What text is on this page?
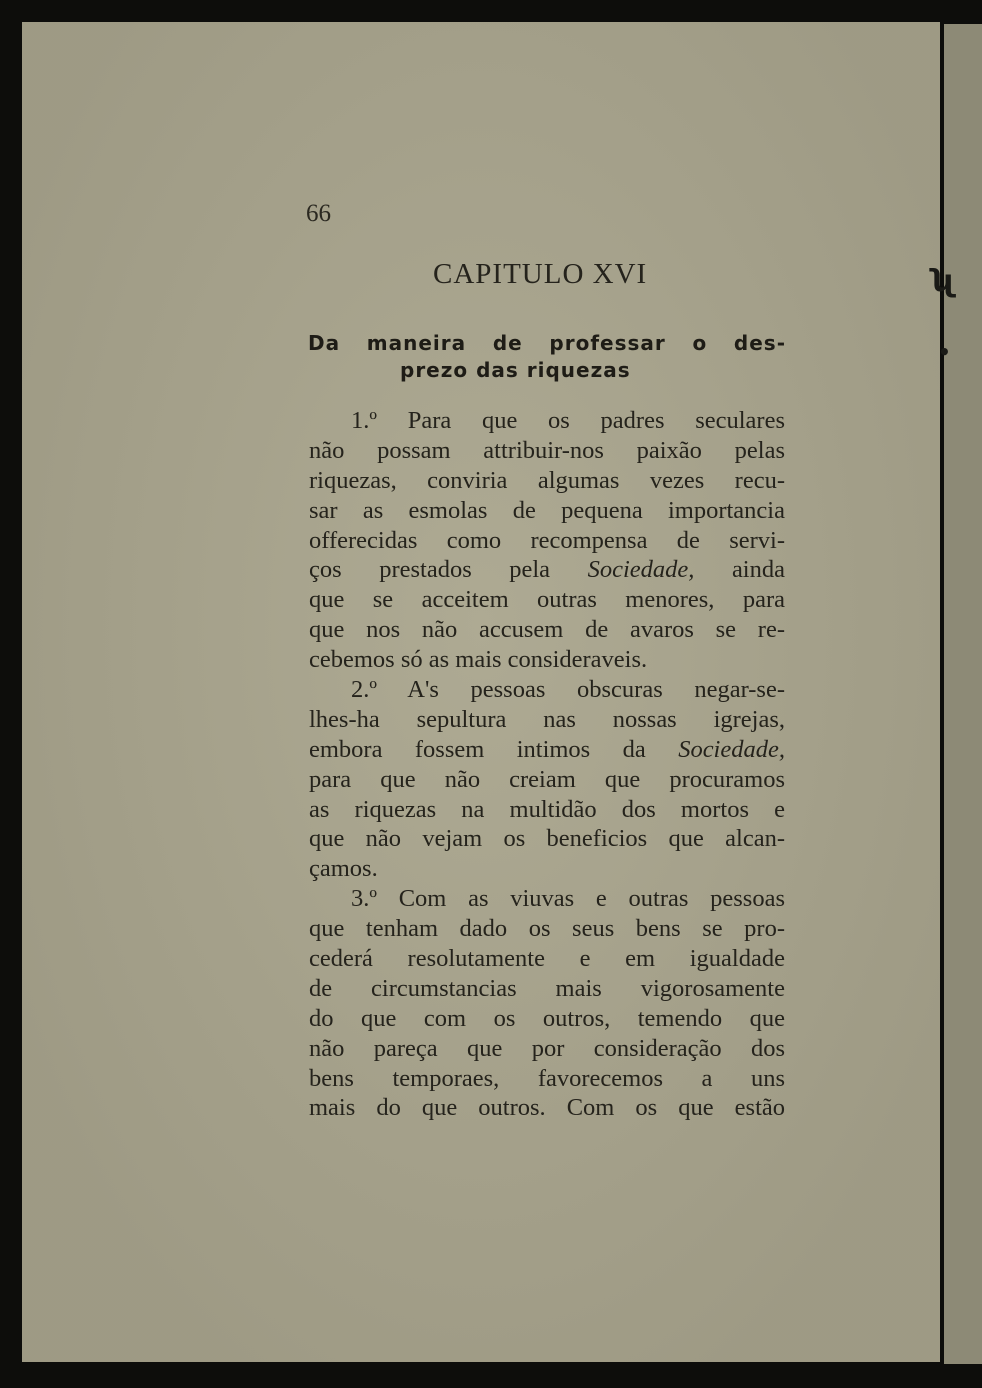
ʯ
•
66
CAPITULO XVI
Da maneira de professar o des-
prezo das riquezas
1.º Para que os padres seculares
não possam attribuir-nos paixão pelas
riquezas, conviria algumas vezes recu-
sar as esmolas de pequena importancia
offerecidas como recompensa de servi-
ços prestados pela Sociedade, ainda
que se acceitem outras menores, para
que nos não accusem de avaros se re-
cebemos só as mais consideraveis.
2.º A's pessoas obscuras negar-se-
lhes-ha sepultura nas nossas igrejas,
embora fossem intimos da Sociedade,
para que não creiam que procuramos
as riquezas na multidão dos mortos e
que não vejam os beneficios que alcan-
çamos.
3.º Com as viuvas e outras pessoas
que tenham dado os seus bens se pro-
cederá resolutamente e em igualdade
de circumstancias mais vigorosamente
do que com os outros, temendo que
não pareça que por consideração dos
bens temporaes, favorecemos a uns
mais do que outros. Com os que estão
